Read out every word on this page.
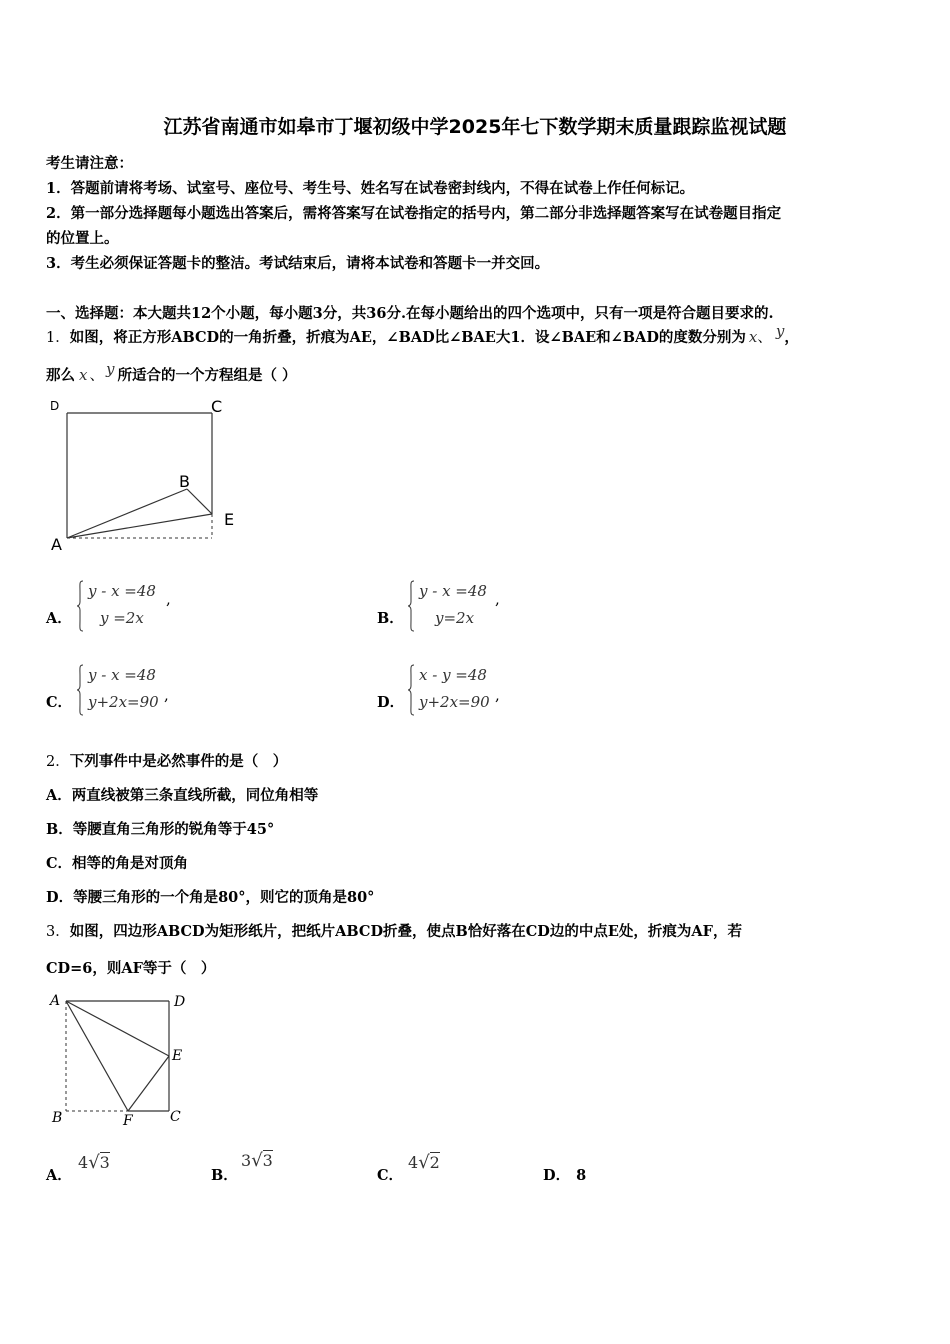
江苏省南通市如皋市丁堰初级中学2025年七下数学期末质量跟踪监视试题
考生请注意：
1．答题前请将考场、试室号、座位号、考生号、姓名写在试卷密封线内，不得在试卷上作任何标记。
2．第一部分选择题每小题选出答案后，需将答案写在试卷指定的括号内，第二部分非选择题答案写在试卷题目指定
的位置上。
3．考生必须保证答题卡的整洁。考试结束后，请将本试卷和答题卡一并交回。
一、选择题：本大题共12个小题，每小题3分，共36分.在每小题给出的四个选项中，只有一项是符合题目要求的.
1．如图，将正方形ABCD的一角折叠，折痕为AE，∠BAD比∠BAE大1．设∠BAE和∠BAD的度数分别为 x、 y，
那么 x 、 y 所适合的一个方程组是（ ）
D	C
B
E
A
A．
y - x =48
y =2x
,
B．
y - x =48
y=2x
,
C．
y - x =48
y+2x=90 ,	D．
x - y =48
y+2x=90 ,
2．下列事件中是必然事件的是（　）
A．两直线被第三条直线所截，同位角相等
B．等腰直角三角形的锐角等于45°
C．相等的角是对顶角
D．等腰三角形的一个角是80°，则它的顶角是80°
3．如图，四边形ABCD为矩形纸片，把纸片ABCD折叠，使点B恰好落在CD边的中点E处，折痕为AF，若
CD=6，则AF等于（　）
A	D
E
B	F	C
A．
4√3
B．
3√3
C．
4√2
D． 8
